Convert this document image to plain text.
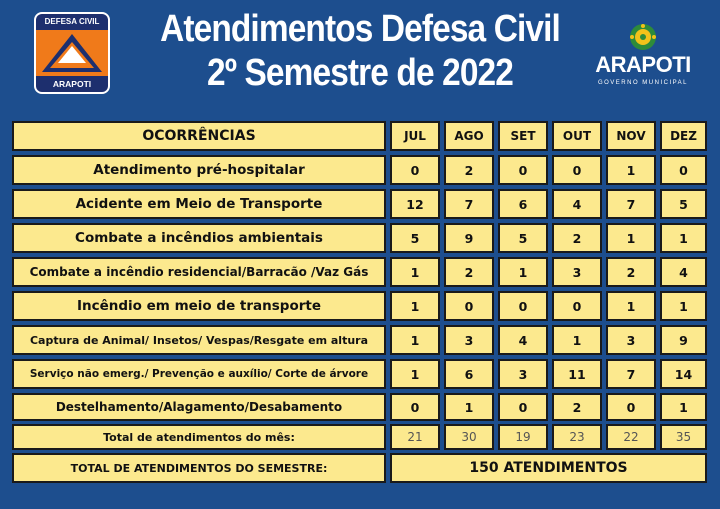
DEFESA CIVIL
ARAPOTI
Atendimentos Defesa Civil
2º Semestre de 2022	ARAPOTI
GOVERNO MUNICIPAL
OCORRÊNCIAS	JUL	AGO	SET	OUT	NOV	DEZ
Atendimento pré-hospitalar	0	2	0	0	1	0
Acidente em Meio de Transporte	12	7	6	4	7	5
Combate a incêndios ambientais	5	9	5	2	1	1
Combate a incêndio residencial/Barracão /Vaz Gás	1	2	1	3	2	4
Incêndio em meio de transporte	1	0	0	0	1	1
Captura de Animal/ Insetos/ Vespas/Resgate em altura	1	3	4	1	3	9
Serviço não emerg./ Prevenção e auxílio/ Corte de árvore	1	6	3	11	7	14
Destelhamento/Alagamento/Desabamento	0	1	0	2	0	1
Total de atendimentos do mês:	21	30	19	23	22	35
TOTAL DE ATENDIMENTOS DO SEMESTRE:	150 ATENDIMENTOS
